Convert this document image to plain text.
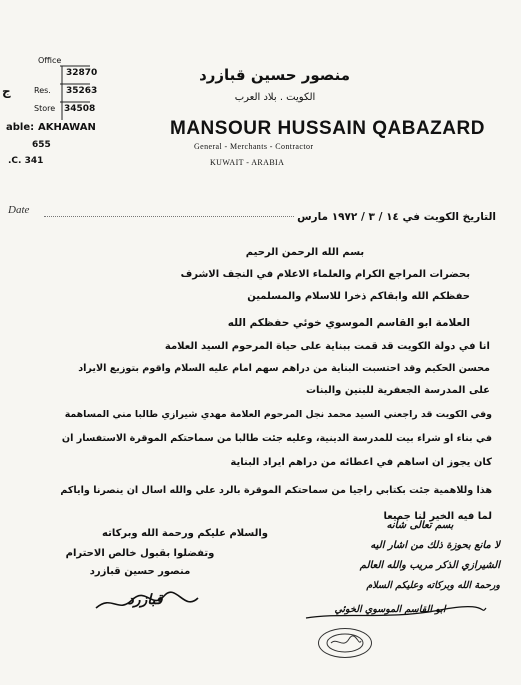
Office
32870
Res. 35263
Store 34508
able: AKHAWAN
655
.C. 341
ج
منصور حسين قبازرد
الكويت . بلاد العرب
MANSOUR HUSSAIN QABAZARD
General - Merchants - Contractor
KUWAIT - ARABIA
Date
التاريخ الكويت في ١٤ / ٣ / ١٩٧٢ مارس
بسم الله الرحمن الرحيم
بحضرات المراجع الكرام والعلماء الاعلام في النجف الاشرف
حفظكم الله وابقاكم ذخرا للاسلام والمسلمين
العلامة ابو القاسم الموسوي خوئي حفظكم الله
انا في دولة الكويت قد قمت ببناية على حياة المرحوم السيد العلامة
محسن الحكيم وقد احتسبت البناية من دراهم سهم امام عليه السلام واقوم بتوزيع الايراد
على المدرسة الجعفرية للبنين والبنات
وفي الكويت قد راجعني السيد محمد نجل المرحوم العلامة مهدي شيرازي طالبا مني المساهمة
في بناء او شراء بيت للمدرسة الدينية، وعليه جئت طالبا من سماحتكم الموقرة الاستفسار ان
كان يجوز ان اساهم في اعطائه من دراهم ايراد البناية
هذا وللاهمية جئت بكتابي راجيا من سماحتكم الموقرة بالرد علي والله اسال ان ينصرنا واياكم
لما فيه الخير لنا جميعا
والسلام عليكم ورحمة الله وبركاته
وتفضلوا بقبول خالص الاحترام
منصور حسين قبازرد
قبازرد
بسم تعالى شأنه
لا مانع بحوزة ذلك من اشار اليه
الشيرازي الذكر مريب والله العالم
ورحمة الله وبركاته وعليكم السلام
ابو القاسم الموسوي الخوئي
